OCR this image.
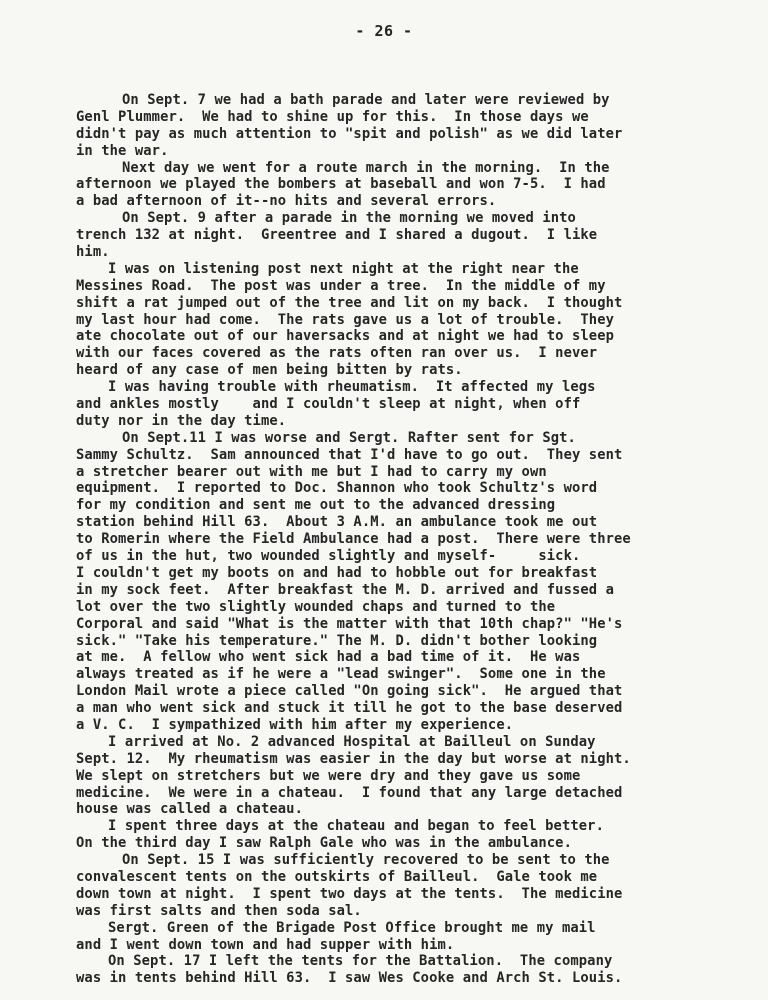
- 26 -
On Sept. 7 we had a bath parade and later were reviewed by
Genl Plummer.  We had to shine up for this.  In those days we
didn't pay as much attention to "spit and polish" as we did later
in the war.
Next day we went for a route march in the morning.  In the
afternoon we played the bombers at baseball and won 7-5.  I had
a bad afternoon of it--no hits and several errors.
On Sept. 9 after a parade in the morning we moved into
trench 132 at night.  Greentree and I shared a dugout.  I like
him.
I was on listening post next night at the right near the
Messines Road.  The post was under a tree.  In the middle of my
shift a rat jumped out of the tree and lit on my back.  I thought
my last hour had come.  The rats gave us a lot of trouble.  They
ate chocolate out of our haversacks and at night we had to sleep
with our faces covered as the rats often ran over us.  I never
heard of any case of men being bitten by rats.
I was having trouble with rheumatism.  It affected my legs
and ankles mostly    and I couldn't sleep at night, when off
duty nor in the day time.
On Sept.11 I was worse and Sergt. Rafter sent for Sgt.
Sammy Schultz.  Sam announced that I'd have to go out.  They sent
a stretcher bearer out with me but I had to carry my own
equipment.  I reported to Doc. Shannon who took Schultz's word
for my condition and sent me out to the advanced dressing
station behind Hill 63.  About 3 A.M. an ambulance took me out
to Romerin where the Field Ambulance had a post.  There were three
of us in the hut, two wounded slightly and myself-     sick.
I couldn't get my boots on and had to hobble out for breakfast
in my sock feet.  After breakfast the M. D. arrived and fussed a
lot over the two slightly wounded chaps and turned to the
Corporal and said "What is the matter with that 10th chap?" "He's
sick." "Take his temperature." The M. D. didn't bother looking
at me.  A fellow who went sick had a bad time of it.  He was
always treated as if he were a "lead swinger".  Some one in the
London Mail wrote a piece called "On going sick".  He argued that
a man who went sick and stuck it till he got to the base deserved
a V. C.  I sympathized with him after my experience.
I arrived at No. 2 advanced Hospital at Bailleul on Sunday
Sept. 12.  My rheumatism was easier in the day but worse at night.
We slept on stretchers but we were dry and they gave us some
medicine.  We were in a chateau.  I found that any large detached
house was called a chateau.
I spent three days at the chateau and began to feel better.
On the third day I saw Ralph Gale who was in the ambulance.
On Sept. 15 I was sufficiently recovered to be sent to the
convalescent tents on the outskirts of Bailleul.  Gale took me
down town at night.  I spent two days at the tents.  The medicine
was first salts and then soda sal.
Sergt. Green of the Brigade Post Office brought me my mail
and I went down town and had supper with him.
On Sept. 17 I left the tents for the Battalion.  The company
was in tents behind Hill 63.  I saw Wes Cooke and Arch St. Louis.
